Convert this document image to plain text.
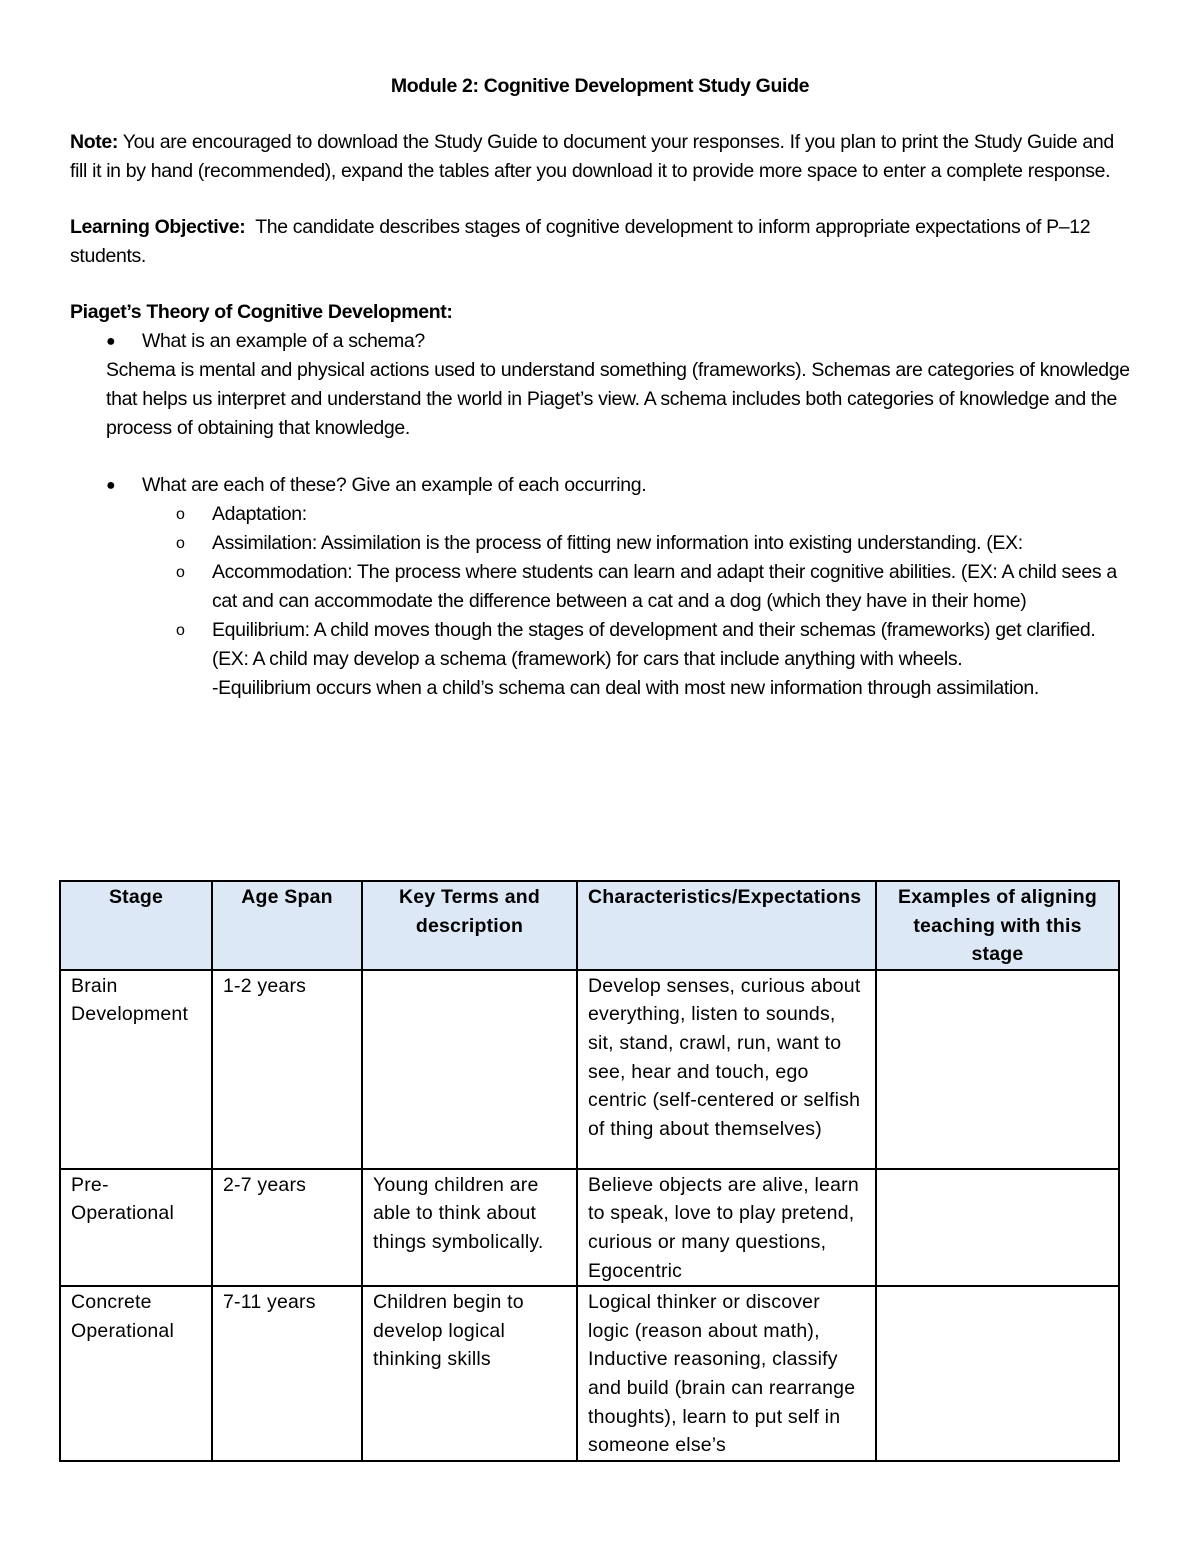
Module 2: Cognitive Development Study Guide

Note: You are encouraged to download the Study Guide to document your responses. If you plan to print the Study Guide and fill it in by hand (recommended), expand the tables after you download it to provide more space to enter a complete response.

Learning Objective:  The candidate describes stages of cognitive development to inform appropriate expectations of P–12 students.

Piaget’s Theory of Cognitive Development:

● What is an example of a schema?

Schema is mental and physical actions used to understand something (frameworks). Schemas are categories of knowledge that helps us interpret and understand the world in Piaget’s view. A schema includes both categories of knowledge and the process of obtaining that knowledge.

● What are each of these? Give an example of each occurring.
o Adaptation:
o Assimilation: Assimilation is the process of fitting new information into existing understanding. (EX:
o Accommodation: The process where students can learn and adapt their cognitive abilities. (EX: A child sees a cat and can accommodate the difference between a cat and a dog (which they have in their home)
o Equilibrium: A child moves though the stages of development and their schemas (frameworks) get clarified. (EX: A child may develop a schema (framework) for cars that include anything with wheels.
-Equilibrium occurs when a child’s schema can deal with most new information through assimilation.
Stage	Age Span	Key Terms and description	Characteristics/Expectations	Examples of aligning teaching with this stage
Brain Development	1-2 years		Develop senses, curious about everything, listen to sounds, sit, stand, crawl, run, want to see, hear and touch, ego centric (self-centered or selfish of thing about themselves)	
Pre-Operational	2-7 years	Young children are able to think about things symbolically.	Believe objects are alive, learn to speak, love to play pretend, curious or many questions, Egocentric	
Concrete Operational	7-11 years	Children begin to develop logical thinking skills	Logical thinker or discover logic (reason about math), Inductive reasoning, classify and build (brain can rearrange thoughts), learn to put self in someone else’s	
